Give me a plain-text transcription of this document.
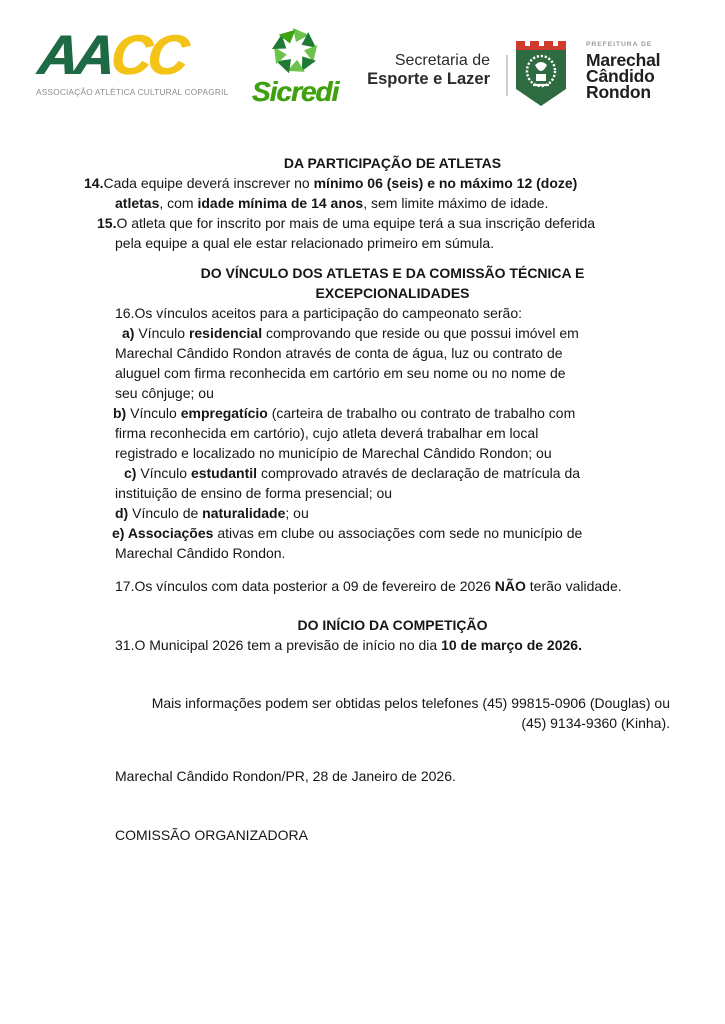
AACC
ASSOCIAÇÃO ATLÉTICA CULTURAL COPAGRIL Sicredi
Secretaria de
Esporte e Lazer
PREFEITURA DE
Marechal
Cândido
Rondon
DA PARTICIPAÇÃO DE ATLETAS

14.Cada equipe deverá inscrever no mínimo 06 (seis) e no máximo 12 (doze)
atletas, com idade mínima de 14 anos, sem limite máximo de idade.

15.O atleta que for inscrito por mais de uma equipe terá a sua inscrição deferida
pela equipe a qual ele estar relacionado primeiro em súmula.

DO VÍNCULO DOS ATLETAS E DA COMISSÃO TÉCNICA E
EXCEPCIONALIDADES

16.Os vínculos aceitos para a participação do campeonato serão:

a) Vínculo residencial comprovando que reside ou que possui imóvel em
Marechal Cândido Rondon através de conta de água, luz ou contrato de
aluguel com firma reconhecida em cartório em seu nome ou no nome de
seu cônjuge; ou

b) Vínculo empregatício (carteira de trabalho ou contrato de trabalho com
firma reconhecida em cartório), cujo atleta deverá trabalhar em local
registrado e localizado no município de Marechal Cândido Rondon; ou

c) Vínculo estudantil comprovado através de declaração de matrícula da
instituição de ensino de forma presencial; ou

d) Vínculo de naturalidade; ou

e) Associações ativas em clube ou associações com sede no município de
Marechal Cândido Rondon.

17.Os vínculos com data posterior a 09 de fevereiro de 2026 NÃO terão validade.

DO INÍCIO DA COMPETIÇÃO

31.O Municipal 2026 tem a previsão de início no dia 10 de março de 2026.

Mais informações podem ser obtidas pelos telefones (45) 99815-0906 (Douglas) ou
(45) 9134-9360 (Kinha).

Marechal Cândido Rondon/PR, 28 de Janeiro de 2026.

COMISSÃO ORGANIZADORA
